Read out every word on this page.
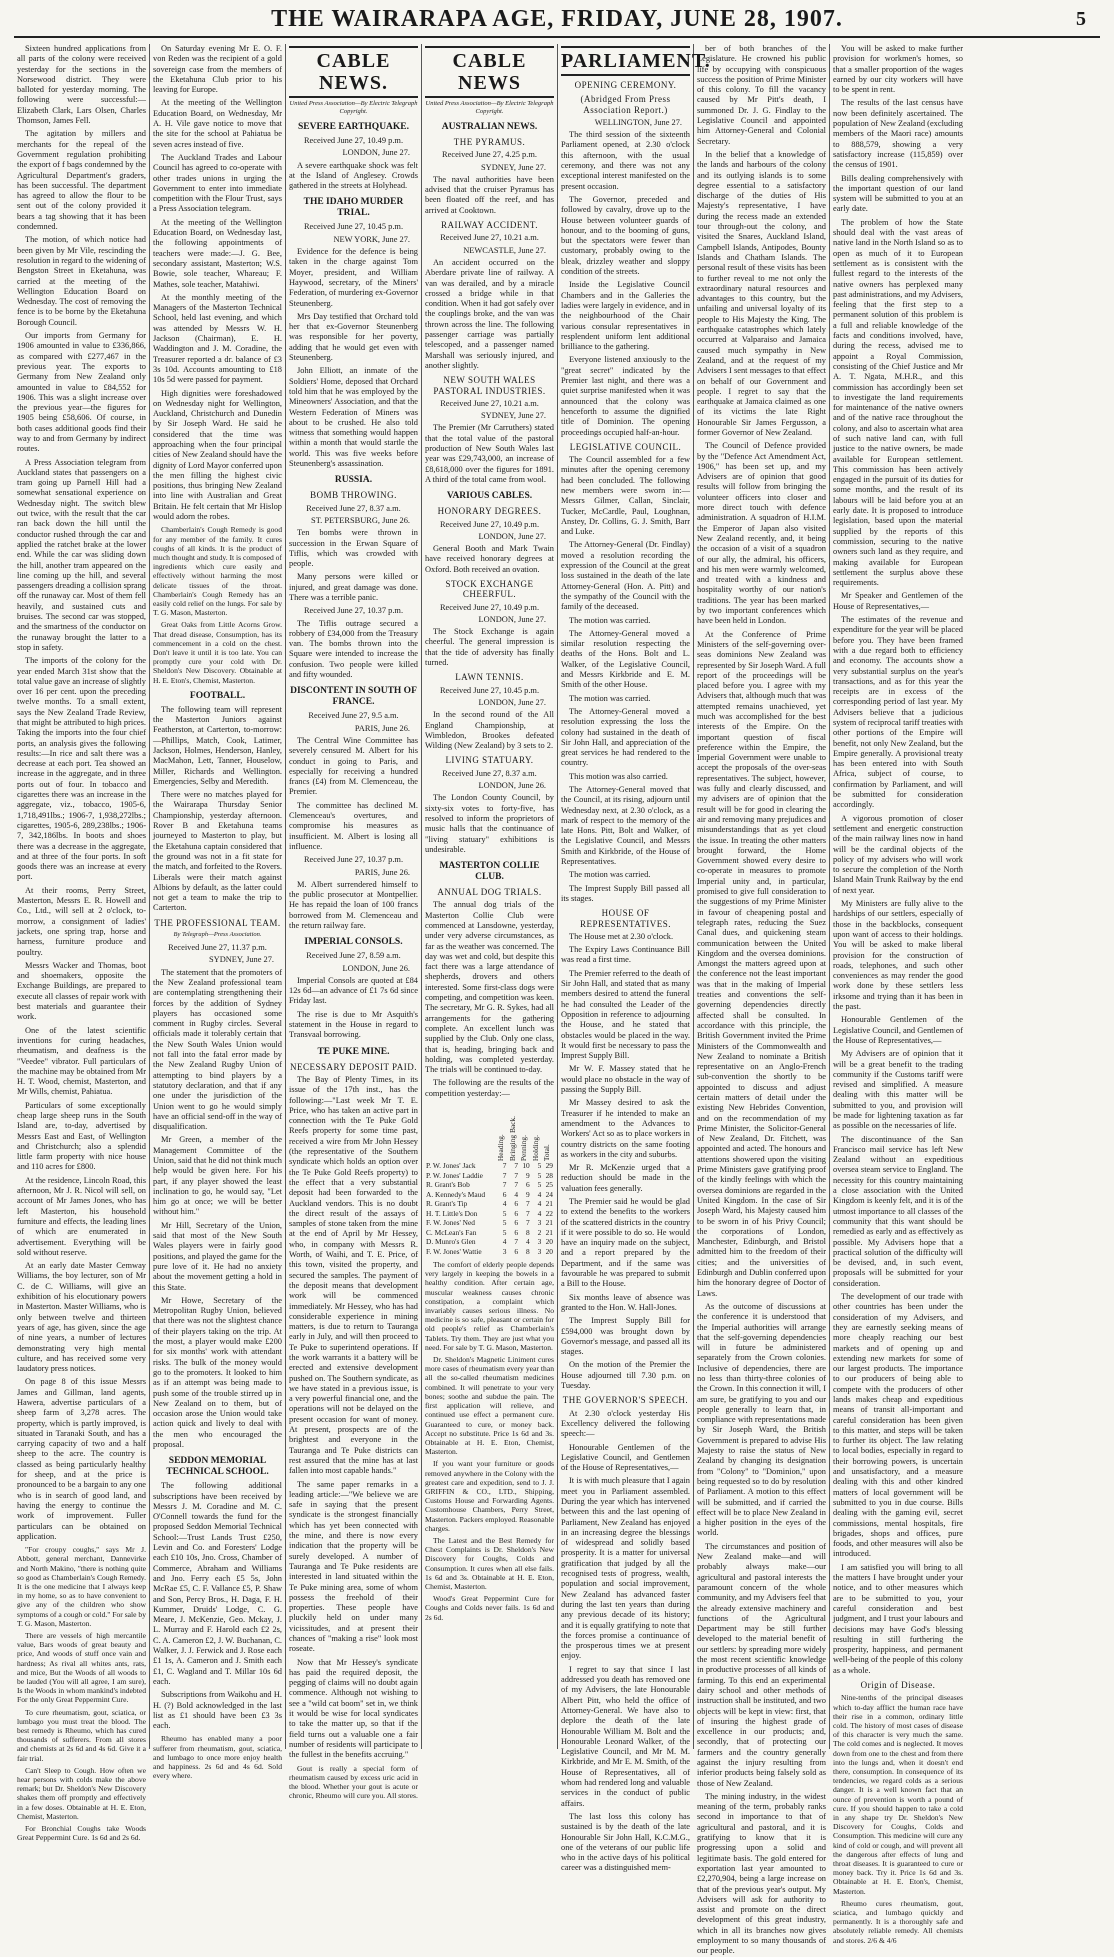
THE WAIRARAPA AGE, FRIDAY, JUNE 28, 1907.	5

Sixteen hundred applications from all parts of the colony were received yesterday for the sections in the Norsewood district. They were balloted for yesterday morning. The following were successful:—Elizabeth Clark, Lars Olsen, Charles Thomson, James Fell.

The agitation by millers and merchants for the repeal of the Government regulation prohibiting the export of f bags condemned by the Agricultural Department's graders, has been successful. The department has agreed to allow the flour to be sent out of the colony provided it bears a tag showing that it has been condemned.

The motion, of which notice had been given by Mr Vile, rescinding the resolution in regard to the widening of Bengston Street in Eketahuna, was carried at the meeting of the Wellington Education Board on Wednesday. The cost of removing the fence is to be borne by the Eketahuna Borough Council.

Our imports from Germany for 1906 amounted in value to £336,866, as compared with £277,467 in the previous year. The exports to Germany from New Zealand only amounted in value to £84,552 for 1906. This was a slight increase over the previous year—the figures for 1905 being £58,606. Of course, in both cases additional goods find their way to and from Germany by indirect routes.

A Press Association telegram from Auckland states that passengers on a tram going up Parnell Hill had a somewhat sensational experience on Wednesday night. The switch blew out twice, with the result that the car ran back down the hill until the conductor rushed through the car and applied the ratchet brake at the lower end. While the car was sliding down the hill, another tram appeared on the line coming up the hill, and several passengers dreading a collision sprang off the runaway car. Most of them fell heavily, and sustained cuts and bruises. The second car was stopped, and the smartness of the conductor on the runaway brought the latter to a stop in safety.

The imports of the colony for the year ended March 31st show that the total value gave an increase of slightly over 16 per cent. upon the preceding twelve months. To a small extent, says the New Zealand Trade Review, that might be attributed to high prices. Taking the imports into the four chief ports, an analysis gives the following results:—In rice and salt there was a decrease at each port. Tea showed an increase in the aggregate, and in three ports out of four. In tobacco and cigarettes there was an increase in the aggregate, viz., tobacco, 1905-6, 1,718,491lbs.; 1906-7, 1,938,272lbs.; cigarettes, 1905-6, 289,238lbs.; 1906-7, 342,186lbs. In boots and shoes there was a decrease in the aggregate, and at three of the four ports. In soft goods there was an increase at every port.

At their rooms, Perry Street, Masterton, Messrs E. R. Howell and Co., Ltd., will sell at 2 o'clock, to-morrow, a consignment of ladies' jackets, one spring trap, horse and harness, furniture produce and poultry.

Messrs Wacker and Thomas, boot and shoemakers, opposite the Exchange Buildings, are prepared to execute all classes of repair work with best materials and guarantee their work.

One of the latest scientific inventions for curing headaches, rheumatism, and deafness is the "Veedee" vibrator. Full particulars of the machine may be obtained from Mr H. T. Wood, chemist, Masterton, and Mr Wills, chemist, Pahiatua.

Particulars of some exceptionally cheap large sheep runs in the South Island are, to-day, advertised by Messrs East and East, of Wellington and Christchurch; also a splendid little farm property with nice house and 110 acres for £800.

At the residence, Lincoln Road, this afternoon, Mr J. R. Nicol will sell, on account of Mr James Jones, who has left Masterton, his household furniture and effects, the leading lines of which are enumerated in advertisement. Everything will be sold without reserve.

At an early date Master Cemway Williams, the boy lecturer, son of Mr C. de C. Williams, will give an exhibition of his elocutionary powers in Masterton. Master Williams, who is only between twelve and thirteen years of age, has given, since the age of nine years, a number of lectures demonstrating very high mental culture, and has received some very laudatory press notices.

On page 8 of this issue Messrs James and Gillman, land agents, Hawera, advertise particulars of a sheep farm of 3,278 acres. The property, which is partly improved, is situated in Taranaki South, and has a carrying capacity of two and a half sheep to the acre. The country is classed as being particularly healthy for sheep, and at the price is pronounced to be a bargain to any one who is in search of good land, and having the energy to continue the work of improvement. Fuller particulars can be obtained on application.

"For croupy coughs," says Mr J. Abbott, general merchant, Dannevirke and North Makino, "there is nothing quite so good as Chamberlain's Cough Remedy. It is the one medicine that I always keep in my home, so as to have convenient to give any of the children who show symptoms of a cough or cold." For sale by T. G. Mason, Masterton.

There are vessels of high mercantile value, Bars woods of great beauty and price, And woods of stuff once vain and hardness; As rival all whites ants, rats, and mice, But the Woods of all woods to be lauded (You will all agree, I am sure), Is the Woods in whom mankind's indebted For the only Great Peppermint Cure.

To cure rheumatism, gout, sciatica, or lumbago you must treat the blood. The best remedy is Rheumo, which has cured thousands of sufferers. From all stores and chemists at 2s 6d and 4s 6d. Give it a fair trial.

Can't Sleep to Cough. How often we hear persons with colds make the above remark; but Dr. Sheldon's New Discovery shakes them off promptly and effectively in a few doses. Obtainable at H. E. Eton, Chemist, Masterton.

For Bronchial Coughs take Woods Great Peppermint Cure. 1s 6d and 2s 6d.

On Saturday evening Mr E. O. F. von Reden was the recipient of a gold sovereign case from the members of the Eketahuna Club prior to his leaving for Europe.

At the meeting of the Wellington Education Board, on Wednesday, Mr A. H. Vile gave notice to move that the site for the school at Pahiatua be seven acres instead of five.

The Auckland Trades and Labour Council has agreed to co-operate with other trades unions in urging the Government to enter into immediate competition with the Flour Trust, says a Press Association telegram.

At the meeting of the Wellington Education Board, on Wednesday last, the following appointments of teachers were made:—J. G. Bee, secondary assistant, Masterton; W.S. Bowie, sole teacher, Whareau; F. Mathes, sole teacher, Matahiwi.

At the monthly meeting of the Managers of the Masterton Technical School, held last evening, and which was attended by Messrs W. H. Jackson (Chairman), E. H. Waddington and J. M. Coradine, the Treasurer reported a dr. balance of £3 3s 10d. Accounts amounting to £18 10s 5d were passed for payment.

High dignities were foreshadowed on Wednesday night for Wellington, Auckland, Christchurch and Dunedin by Sir Joseph Ward. He said he considered that the time was approaching when the four principal cities of New Zealand should have the dignity of Lord Mayor conferred upon the men filling the highest civic positions, thus bringing New Zealand into line with Australian and Great Britain. He felt certain that Mr Hislop would adorn the robes.

Chamberlain's Cough Remedy is good for any member of the family. It cures coughs of all kinds. It is the product of much thought and study. It is composed of ingredients which cure easily and effectively without harming the most delicate tissues of the throat. Chamberlain's Cough Remedy has an easily cold relief on the lungs. For sale by T. G. Mason, Masterton.

Great Oaks from Little Acorns Grow. That dread disease, Consumption, has its commencement in a cold on the chest. Don't leave it until it is too late. You can promptly cure your cold with Dr. Sheldon's New Discovery. Obtainable at H. E. Eton's, Chemist, Masterton.

FOOTBALL.

The following team will represent the Masterton Juniors against Featherston, at Carterton, to-morrow:—Phillips, Match, Cook, Latimer, Jackson, Holmes, Henderson, Hanley, MacMahon, Lett, Tanner, Houselow, Miller, Richards and Wellington. Emergencies, Selby and Meredith.

There were no matches played for the Wairarapa Thursday Senior Championship, yesterday afternoon. Rover B and Eketahuna teams journeyed to Masterton to play, but the Eketahuna captain considered that the ground was not in a fit state for the match, and forfeited to the Rovers. Liberals were their match against Albions by default, as the latter could not get a team to make the trip to Carterton.

THE PROFESSIONAL TEAM.
By Telegraph—Press Association.
Received June 27, 11.37 p.m.
SYDNEY, June 27.

The statement that the promoters of the New Zealand professional team are contemplating strengthening their forces by the addition of Sydney players has occasioned some comment in Rugby circles. Several officials made it tolerably certain that the New South Wales Union would not fall into the fatal error made by the New Zealand Rugby Union of attempting to bind players by a statutory declaration, and that if any one under the jurisdiction of the Union went to go he would simply have an official send-off in the way of disqualification.

Mr Green, a member of the Management Committee of the Union, said that he did not think much help would be given here. For his part, if any player showed the least inclination to go, he would say, "Let him go at once; we will be better without him."

Mr Hill, Secretary of the Union, said that most of the New South Wales players were in fairly good positions, and played the game for the pure love of it. He had no anxiety about the movement getting a hold in this State.

Mr Howe, Secretary of the Metropolitan Rugby Union, believed that there was not the slightest chance of their players taking on the trip. At the most, a player would make £200 for six months' work with attendant risks. The bulk of the money would go to the promoters. It looked to him as if an attempt was being made to push some of the trouble stirred up in New Zealand on to them, but of occasion arose the Union would take action quick and lively to deal with the men who encouraged the proposal.

SEDDON MEMORIAL TECHNICAL SCHOOL.

The following additional subscriptions have been received by Messrs J. M. Coradine and M. C. O'Connell towards the fund for the proposed Seddon Memorial Technical School:—Trust Lands Trust £250, Levin and Co. and Foresters' Lodge each £10 10s, Jno. Cross, Chamber of Commerce, Abraham and Williams and Jno. Ferry each £5 5s, John McRae £5, C. F. Vallance £5, P. Shaw and Son, Percy Bros., H. Daga, F. H. Kummer, Druids' Lodge, C. G. Meare, J. McKenzie, Geo. Mckay, J. L. Murray and F. Harold each £2 2s, C. A. Cameron £2, J. W. Buchanan, C. Walker, J. J. Ferwick and J. Rose each £1 1s, A. Cameron and J. Smith each £1, C. Wagland and T. Millar 10s 6d each.

Subscriptions from Waikohu and H. H. (?) Bold acknowledged in the last list as £1 should have been £3 3s each.

Rheumo has enabled many a poor sufferer from rheumatism, gout, sciatica, and lumbago to once more enjoy health and happiness. 2s 6d and 4s 6d. Sold every where.

CABLE NEWS.
United Press Association—By Electric Telegraph Copyright.
SEVERE EARTHQUAKE.
Received June 27, 10.49 p.m.
LONDON, June 27.

A severe earthquake shock was felt at the Island of Anglesey. Crowds gathered in the streets at Holyhead.

THE IDAHO MURDER TRIAL.
Received June 27, 10.45 p.m.
NEW YORK, June 27.

Evidence for the defence is being taken in the charge against Tom Moyer, president, and William Haywood, secretary, of the Miners' Federation, of murdering ex-Governor Steunenberg.

Mrs Day testified that Orchard told her that ex-Governor Steunenberg was responsible for her poverty, adding that he would get even with Steunenberg.

John Elliott, an inmate of the Soldiers' Home, deposed that Orchard told him that he was employed by the Mineowners' Association, and that the Western Federation of Miners was about to be crushed. He also told witness that something would happen within a month that would startle the world. This was five weeks before Steunenberg's assassination.

RUSSIA.
BOMB THROWING.
Received June 27, 8.37 a.m.
ST. PETERSBURG, June 26.

Ten bombs were thrown in succession in the Erwan Square of Tiflis, which was crowded with people.

Many persons were killed or injured, and great damage was done. There was a terrible panic.

Received June 27, 10.37 p.m.

The Tiflis outrage secured a robbery of £34,000 from the Treasury van. The bombs thrown into the Square were intended to increase the confusion. Two people were killed and fifty wounded.

DISCONTENT IN SOUTH OF FRANCE.
Received June 27, 9.5 a.m.
PARIS, June 26.

The Central Wine Committee has severely censured M. Albert for his conduct in going to Paris, and especially for receiving a hundred francs (£4) from M. Clemenceau, the Premier.

The committee has declined M. Clemenceau's overtures, and compromise his measures as insufficient. M. Albert is losing all influence.

Received June 27, 10.37 p.m.
PARIS, June 26.

M. Albert surrendered himself to the public prosecutor at Montpellier. He has repaid the loan of 100 francs borrowed from M. Clemenceau and the return railway fare.

IMPERIAL CONSOLS.
Received June 27, 8.59 a.m.
LONDON, June 26.

Imperial Consols are quoted at £84 12s 6d—an advance of £1 7s 6d since Friday last.

The rise is due to Mr Asquith's statement in the House in regard to Transvaal borrowing.

TE PUKE MINE.
NECESSARY DEPOSIT PAID.

The Bay of Plenty Times, in its issue of the 17th inst., has the following:—"Last week Mr T. E. Price, who has taken an active part in connection with the Te Puke Gold Reefs property for some time past, received a wire from Mr John Hessey (the representative of the Southern syndicate which holds an option over the Te Puke Gold Reefs property) to the effect that a very substantial deposit had been forwarded to the Auckland vendors. This is no doubt the direct result of the assays of samples of stone taken from the mine at the end of April by Mr Hessey, who, in company with Messrs R. Worth, of Waihi, and T. E. Price, of this town, visited the property, and secured the samples. The payment of the deposit means that development work will be commenced immediately. Mr Hessey, who has had considerable experience in mining matters, is due to return to Tauranga early in July, and will then proceed to Te Puke to superintend operations. If the work warrants it a battery will be erected and extensive development pushed on. The Southern syndicate, as we have stated in a previous issue, is a very powerful financial one, and the operations will not be delayed on the present occasion for want of money. At present, prospects are of the brightest and everyone in the Tauranga and Te Puke districts can rest assured that the mine has at last fallen into most capable hands."

The same paper remarks in a leading article:—"We believe we are safe in saying that the present syndicate is the strongest financially which has yet been connected with the mine, and there is now every indication that the property will be surely developed. A number of Tauranga and Te Puke residents are interested in land situated within the Te Puke mining area, some of whom possess the freehold of their properties. These people have pluckily held on under many vicissitudes, and at present their chances of "making a rise" look most roseate.

Now that Mr Hessey's syndicate has paid the required deposit, the pegging of claims will no doubt again commence. Although not wishing to see a "wild cat boom" set in, we think it would be wise for local syndicates to take the matter up, so that if the field turns out a valuable one a fair number of residents will participate to the fullest in the benefits accruing."

Gout is really a special form of rheumatism caused by excess uric acid in the blood. Whether your gout is acute or chronic, Rheumo will cure you. All stores.

CABLE NEWS
United Press Association—By Electric Telegraph Copyright.
AUSTRALIAN NEWS.
THE PYRAMUS.
Received June 27, 4.25 p.m.
SYDNEY, June 27.

The naval authorities have been advised that the cruiser Pyramus has been floated off the reef, and has arrived at Cooktown.

RAILWAY ACCIDENT.
Received June 27, 10.21 a.m.
NEWCASTLE, June 27.

An accident occurred on the Aberdare private line of railway. A van was derailed, and by a miracle crossed a bridge while in that condition. When it had got safely over the couplings broke, and the van was thrown across the line. The following passenger carriage was partially telescoped, and a passenger named Marshall was seriously injured, and another slightly.

NEW SOUTH WALES PASTORAL INDUSTRIES.
Received June 27, 10.21 a.m.
SYDNEY, June 27.

The Premier (Mr Carruthers) stated that the total value of the pastoral production of New South Wales last year was £29,743,000, an increase of £8,618,000 over the figures for 1891. A third of the total came from wool.

VARIOUS CABLES.
HONORARY DEGREES.
Received June 27, 10.49 p.m.
LONDON, June 27.

General Booth and Mark Twain have received honorary degrees at Oxford. Both received an ovation.

STOCK EXCHANGE CHEERFUL.
Received June 27, 10.49 p.m.
LONDON, June 27.

The Stock Exchange is again cheerful. The general impression is that the tide of adversity has finally turned.

LAWN TENNIS.
Received June 27, 10.45 p.m.
LONDON, June 27.

In the second round of the All England Championship, at Wimbledon, Brookes defeated Wilding (New Zealand) by 3 sets to 2.

LIVING STATUARY.
Received June 27, 8.37 a.m.
LONDON, June 26.

The London County Council, by sixty-six votes to forty-five, has resolved to inform the proprietors of music halls that the continuance of "living statuary" exhibitions is undesirable.

MASTERTON COLLIE CLUB.
ANNUAL DOG TRIALS.

The annual dog trials of the Masterton Collie Club were commenced at Lansdowne, yesterday, under very adverse circumstances, as far as the weather was concerned. The day was wet and cold, but despite this fact there was a large attendance of shepherds, drovers and others interested. Some first-class dogs were competing, and competition was keen. The secretary, Mr G. R. Sykes, had all arrangements for the gathering complete. An excellent lunch was supplied by the Club. Only one class, that is, heading, bringing back and holding, was completed yesterday. The trials will be continued to-day.

The following are the results of the competition yesterday:—

	Heading.	Bringing Back.	Penning.	Holding.	Total.
P. W. Jones' Jack	7	7	10	5	29
P. W. Jones' Laddie	7	7	9	5	28
R. Grant's Bob	7	7	6	5	25
A. Kennedy's Maud	6	4	9	4	24
R. Grant's Tip	4	6	7	4	21
H. T. Little's Don	5	6	7	4	22
F. W. Jones' Ned	5	6	7	3	21
C. McLean's Fan	5	6	8	2	21
D. Munro's Glen	4	7	4	3	20
F. W. Jones' Wattie	3	6	8	3	20

The comfort of elderly people depends very largely in keeping the bowels in a healthy condition. After certain age, muscular weakness causes chronic constipation, a complaint which invariably causes serious illness. No medicine is so safe, pleasant or certain for old people's relief as Chamberlain's Tablets. Try them. They are just what you need. For sale by T. G. Mason, Masterton.

Dr. Sheldon's Magnetic Liniment cures more cases of rheumatism every year than all the so-called rheumatism medicines combined. It will penetrate to your very bones; soothe and subdue the pain. The first application will relieve, and continued use effect a permanent cure. Guaranteed to cure, or money back. Accept no substitute. Price 1s 6d and 3s. Obtainable at H. E. Eton, Chemist, Masterton.

If you want your furniture or goods removed anywhere in the Colony with the greatest care and expedition, send to J. J. GRIFFIN & CO., LTD., Shipping, Customs House and Forwarding Agents. Customhouse Chambers, Perry Street, Masterton. Packers employed. Reasonable charges.

The Latest and the Best Remedy for Chest Complaints is Dr. Sheldon's New Discovery for Coughs, Colds and Consumption. It cures when all else fails. 1s 6d and 3s. Obtainable at H. E. Eton, Chemist, Masterton.

Wood's Great Peppermint Cure for Coughs and Colds never fails. 1s 6d and 2s 6d.

PARLIAMENT.
OPENING CEREMONY.
(Abridged From Press Association Report.)
WELLINGTON, June 27.

The third session of the sixteenth Parliament opened, at 2.30 o'clock this afternoon, with the usual ceremony, and there was not any exceptional interest manifested on the present occasion.

The Governor, preceded and followed by cavalry, drove up to the House between volunteer guards of honour, and to the booming of guns, but the spectators were fewer than customary, probably owing to the bleak, drizzley weather and sloppy condition of the streets.

Inside the Legislative Council Chambers and in the Galleries the ladies were largely in evidence, and in the neighbourhood of the Chair various consular representatives in resplendent uniform lent additional brilliance to the gathering.

Everyone listened anxiously to the "great secret" indicated by the Premier last night, and there was a quiet surprise manifested when it was announced that the colony was henceforth to assume the dignified title of Dominion. The opening proceedings occupied half-an-hour.

LEGISLATIVE COUNCIL.

The Council assembled for a few minutes after the opening ceremony had been concluded. The following new members were sworn in:—Messrs Gilmer, Callan, Sinclair, Tucker, McCardle, Paul, Loughnan, Anstey, Dr. Collins, G. J. Smith, Barr and Luke.

The Attorney-General (Dr. Findlay) moved a resolution recording the expression of the Council at the great loss sustained in the death of the late Attorney-General (Hon. A. Pitt) and the sympathy of the Council with the family of the deceased.

The motion was carried.

The Attorney-General moved a similar resolution respecting the deaths of the Hons. Bolt and L. Walker, of the Legislative Council, and Messrs Kirkbride and E. M. Smith of the other House.

The motion was carried.

The Attorney-General moved a resolution expressing the loss the colony had sustained in the death of Sir John Hall, and appreciation of the great services he had rendered to the country.

This motion was also carried.

The Attorney-General moved that the Council, at its rising, adjourn until Wednesday next, at 2.30 o'clock, as a mark of respect to the memory of the late Hons. Pitt, Bolt and Walker, of the Legislative Council, and Messrs Smith and Kirkbride, of the House of Representatives.

The motion was carried.

The Imprest Supply Bill passed all its stages.

HOUSE OF REPRESENTATIVES.

The House met at 2.30 o'clock.

The Expiry Laws Continuance Bill was read a first time.

The Premier referred to the death of Sir John Hall, and stated that as many members desired to attend the funeral he had consulted the Leader of the Opposition in reference to adjourning the House, and he stated that obstacles would be placed in the way. It would first be necessary to pass the Imprest Supply Bill.

Mr W. F. Massey stated that he would place no obstacle in the way of passing the Supply Bill.

Mr Massey desired to ask the Treasurer if he intended to make an amendment to the Advances to Workers' Act so as to place workers in country districts on the same footing as workers in the city and suburbs.

Mr R. McKenzie urged that a reduction should be made in the valuation fees generally.

The Premier said he would be glad to extend the benefits to the workers of the scattered districts in the country if it were possible to do so. He would have an inquiry made on the subject, and a report prepared by the Department, and if the same was favourable he was prepared to submit a Bill to the House.

Six months leave of absence was granted to the Hon. W. Hall-Jones.

The Imprest Supply Bill for £594,000 was brought down by Governor's message, and passed all its stages.

On the motion of the Premier the House adjourned till 7.30 p.m. on Tuesday.

THE GOVERNOR'S SPEECH.

At 2.30 o'clock yesterday His Excellency delivered the following speech:—

Honourable Gentlemen of the Legislative Council, and Gentlemen of the House of Representatives,—

It is with much pleasure that I again meet you in Parliament assembled. During the year which has intervened between this and the last opening of Parliament, New Zealand has enjoyed in an increasing degree the blessings of widespread and solidly based prosperity. It is a matter for universal gratification that judged by all the recognised tests of progress, wealth, population and social improvement, New Zealand has advanced faster during the last ten years than during any previous decade of its history; and it is equally gratifying to note that the forces promise a continuance of the prosperous times we at present enjoy.

I regret to say that since I last addressed you death has removed one of my Advisers, the late Honourable Albert Pitt, who held the office of Attorney-General. We have also to deplore the death of the late Honourable William M. Bolt and the Honourable Leonard Walker, of the Legislative Council, and Mr M. M. Kirkbride, and Mr E. M. Smith, of the House of Representatives, all of whom had rendered long and valuable services in the conduct of public affairs.

The last loss this colony has sustained is by the death of the late Honourable Sir John Hall, K.C.M.G., one of the veterans of our public life who in the active days of his political career was a distinguished mem-

ber of both branches of the Legislature. He crowned his public life by occupying with conspicuous success the position of Prime Minister of this colony. To fill the vacancy caused by Mr Pitt's death, I summoned Dr. J. G. Findlay to the Legislative Council and appointed him Attorney-General and Colonial Secretary.

In the belief that a knowledge of the lands and harbours of the colony and its outlying islands is to some degree essential to a satisfactory discharge of the duties of His Majesty's representative, I have during the recess made an extended tour through-out the colony, and visited the Snares, Auckland Island, Campbell Islands, Antipodes, Bounty Islands and Chatham Islands. The personal result of these visits has been to further reveal to me not only the extraordinary natural resources and advantages to this country, but the unfailing and universal loyalty of its people to His Majesty the King. The earthquake catastrophes which lately occurred at Valparaiso and Jamaica caused much sympathy in New Zealand, and at the request of my Advisers I sent messages to that effect on behalf of our Government and people. I regret to say that the earthquake at Jamaica claimed as one of its victims the late Right Honourable Sir James Fergusson, a former Governor of New Zealand.

The Council of Defence provided by the "Defence Act Amendment Act, 1906," has been set up, and my Advisers are of opinion that good results will follow from bringing the volunteer officers into closer and more direct touch with defence administration. A squadron of H.I.M. the Emperor of Japan also visited New Zealand recently, and, it being the occasion of a visit of a squadron of our ally, the admiral, his officers, and his men were warmly welcomed, and treated with a kindness and hospitality worthy of our nation's traditions. The year has been marked by two important conferences which have been held in London.

At the Conference of Prime Ministers of the self-governing over-seas dominions New Zealand was represented by Sir Joseph Ward. A full report of the proceedings will be placed before you. I agree with my Advisers that, although much that was attempted remains unachieved, yet much was accomplished for the best interests of the Empire. On the important question of fiscal preference within the Empire, the Imperial Government were unable to accept the proposals of the over-seas representatives. The subject, however, was fully and clearly discussed, and my advisers are of opinion that the result will be for good in clearing the air and removing many prejudices and misunderstandings that as yet cloud the issue. In treating the other matters brought forward, the Home Government showed every desire to co-operate in measures to promote Imperial unity and, in particular, promised to give full consideration to the suggestions of my Prime Minister in favour of cheapening postal and telegraph rates, reducing the Suez Canal dues, and quickening steam communication between the United Kingdom and the oversea dominions. Amongst the matters agreed upon at the conference not the least important was that in the making of Imperial treaties and conventions the self-governing dependencies directly affected shall be consulted. In accordance with this principle, the British Government invited the Prime Ministers of the Commonwealth and New Zealand to nominate a British representative on an Anglo-French sub-convention the shortly to be appointed to discuss and adjust certain matters of detail under the existing New Hebrides Convention, and on the recommendation of my Prime Minister, the Solicitor-General of New Zealand, Dr. Fitchett, was appointed and acted. The honours and attentions showered upon the visiting Prime Ministers gave gratifying proof of the kindly feelings with which the oversea dominions are regarded in the United Kingdom. In the case of Sir Joseph Ward, his Majesty caused him to be sworn in of his Privy Council; the corporations of London, Manchester, Edinburgh, and Bristol admitted him to the freedom of their cities; and the universities of Edinburgh and Dublin conferred upon him the honorary degree of Doctor of Laws.

As the outcome of discussions at the conference it is understood that the Imperial authorities will arrange that the self-governing dependencies will in future be administered separately from the Crown colonies. Inclusive of dependencies, there are no less than thirty-three colonies of the Crown. In this connection it will, I am sure, be gratifying to you and our people generally to learn that, in compliance with representations made by Sir Joseph Ward, the British Government is prepared to advise His Majesty to raise the status of New Zealand by changing its designation from "Colony" to "Dominion," upon being requested so to do by resolution of Parliament. A motion to this effect will be submitted, and if carried the effect will be to place New Zealand in a higher position in the eyes of the world.

The circumstances and position of New Zealand make—and will probably always make—our agricultural and pastoral interests the paramount concern of the whole community, and my Advisers feel that the already extensive machinery and functions of the Agricultural Department may be still further developed to the material benefit of our settlers: by spreading more widely the most recent scientific knowledge in productive processes of all kinds of farming. To this end an experimental dairy school and other methods of instruction shall be instituted, and two objects will be kept in view: first, that of insuring the highest grade of excellence in our products; and, secondly, that of protecting our farmers and the country generally against the injury resulting from inferior products being falsely sold as those of New Zealand.

The mining industry, in the widest meaning of the term, probably ranks second in importance to that of agricultural and pastoral, and it is gratifying to know that it is progressing upon a solid and legitimate basis. The gold entered for exportation last year amounted to £2,270,904, being a large increase on that of the previous year's output. My Advisers will ask for authority to assist and promote on the direct development of this great industry, which in all its branches now gives employment to so many thousands of our people.

You will be asked to make further provision for workmen's homes, so that a smaller proportion of the wages earned by our city workers will have to be spent in rent.

The results of the last census have now been definitely ascertained. The population of New Zealand (excluding members of the Maori race) amounts to 888,579, showing a very satisfactory increase (115,859) over the census of 1901.

Bills dealing comprehensively with the important question of our land system will be submitted to you at an early date.

The problem of how the State should deal with the vast areas of native land in the North Island so as to open as much of it to European settlement as is consistent with the fullest regard to the interests of the native owners has perplexed many past administrations, and my Advisers, feeling that the first step to a permanent solution of this problem is a full and reliable knowledge of the facts and conditions involved, have, during the recess, advised me to appoint a Royal Commission, consisting of the Chief Justice and Mr A. T. Ngata, M.H.R., and this commission has accordingly been set to investigate the land requirements for maintenance of the native owners and of the native race throughout the colony, and also to ascertain what area of such native land can, with full justice to the native owners, be made available for European settlement. This commission has been actively engaged in the pursuit of its duties for some months, and the result of its labours will be laid before you at an early date. It is proposed to introduce legislation, based upon the material supplied by the reports of this commission, securing to the native owners such land as they require, and making available for European settlement the surplus above these requirements.

Mr Speaker and Gentlemen of the House of Representatives,—

The estimates of the revenue and expenditure for the year will be placed before you. They have been framed with a due regard both to efficiency and economy. The accounts show a very substantial surplus on the year's transactions, and as for this year the receipts are in excess of the corresponding period of last year. My Advisers believe that a judicious system of reciprocal tariff treaties with other portions of the Empire will benefit, not only New Zealand, but the Empire generally. A provisional treaty has been entered into with South Africa, subject of course, to confirmation by Parliament, and will be submitted for consideration accordingly.

A vigorous promotion of closer settlement and energetic construction of the main railway lines now in hand will be the cardinal objects of the policy of my advisers who will work to secure the completion of the North Island Main Trunk Railway by the end of next year.

My Ministers are fully alive to the hardships of our settlers, especially of those in the backblocks, consequent upon want of access to their holdings. You will be asked to make liberal provision for the construction of roads, telephones, and such other conveniences as may render the good work done by these settlers less irksome and trying than it has been in the past.

Honourable Gentlemen of the Legislative Council, and Gentlemen of the House of Representatives,—

My Advisers are of opinion that it will be a great benefit to the trading community if the Customs tariff were revised and simplified. A measure dealing with this matter will be submitted to you, and provision will be made for lightening taxation as far as possible on the necessaries of life.

The discontinuance of the San Francisco mail service has left New Zealand without an expeditious oversea steam service to England. The necessity for this country maintaining a close association with the United Kingdom is keenly felt, and it is of the utmost importance to all classes of the community that this want should be remedied as early and as effectively as possible. My Advisers hope that a practical solution of the difficulty will be devised, and, in such event, proposals will be submitted for your consideration.

The development of our trade with other countries has been under the consideration of my Advisers, and they are earnestly seeking means of more cheaply reaching our best markets and of opening up and extending new markets for some of our largest products. The importance to our producers of being able to compete with the producers of other lands makes cheap and expeditious means of transit all-important and careful consideration has been given to this matter, and steps will be taken to further its object. The law relating to local bodies, especially in regard to their borrowing powers, is uncertain and unsatisfactory, and a measure dealing with this and other kindred matters of local government will be submitted to you in due course. Bills dealing with the gaming evil, secret commissions, mental hospitals, fire brigades, shops and offices, pure foods, and other measures will also be introduced.

I am satisfied you will bring to all the matters I have brought under your notice, and to other measures which are to be submitted to you, your careful consideration and best judgment, and I trust your labours and decisions may have God's blessing resulting in still furthering the prosperity, happiness, and permanent well-being of the people of this colony as a whole.

Origin of Disease.

Nine-tenths of the principal diseases which to-day afflict the human race have their rise in a common, ordinary little cold. The history of most cases of disease of this character is very much the same. The cold comes and is neglected. It moves down from one to the chest and from there into the lungs and, when it doesn't end there, consumption. In consequence of its tendencies, we regard colds as a serious danger. It is a well known fact that an ounce of prevention is worth a pound of cure. If you should happen to take a cold in any shape try Dr. Sheldon's New Discovery for Coughs, Colds and Consumption. This medicine will cure any kind of cold or cough, and will prevent all the dangerous after effects of lung and throat diseases. It is guaranteed to cure or money back. Try it. Price 1s 6d and 3s. Obtainable at H. E. Eton's, Chemist, Masterton.

Rheumo cures rheumatism, gout, sciatica, and lumbago quickly and permanently. It is a thoroughly safe and absolutely reliable remedy. All chemists and stores. 2/6 & 4/6
